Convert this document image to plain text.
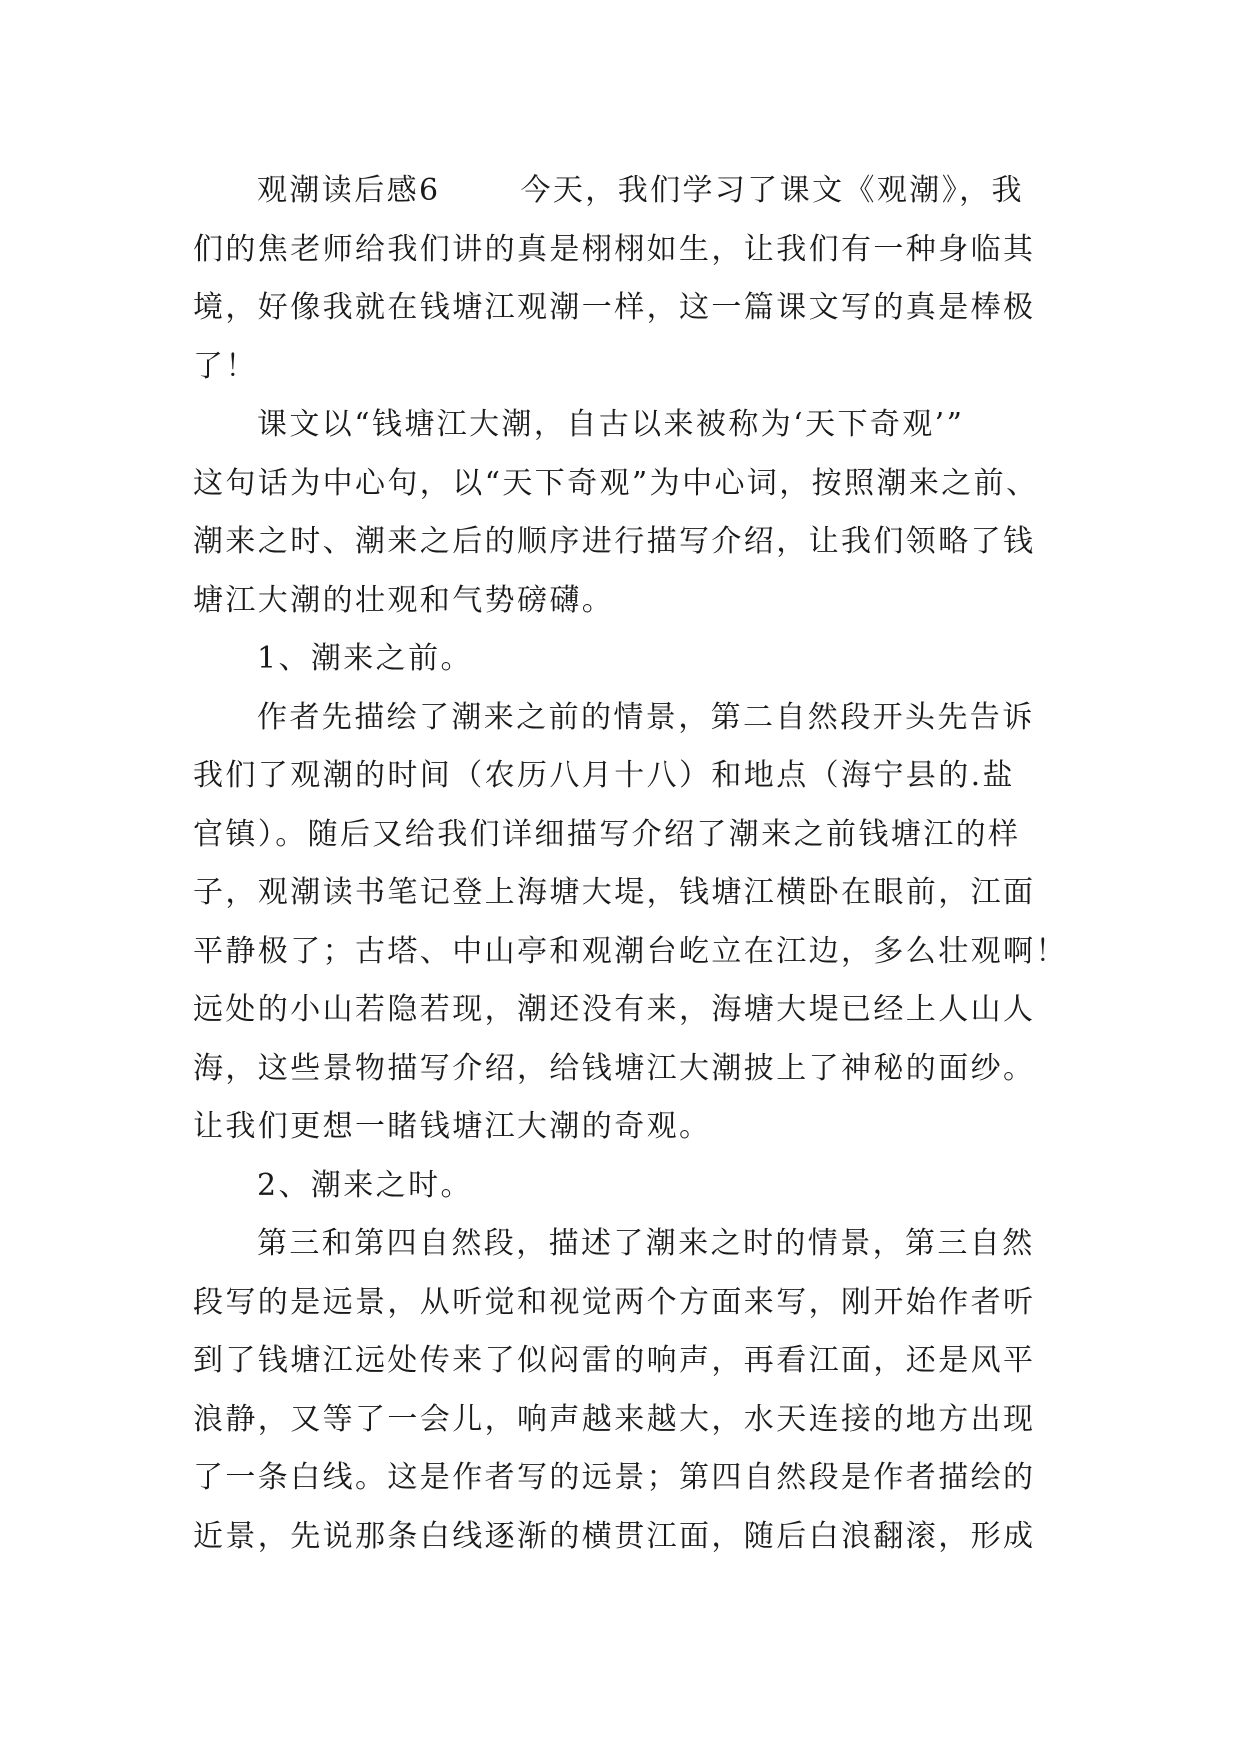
观潮读后感6	今天，我们学习了课文《观潮》，我
们的焦老师给我们讲的真是栩栩如生，让我们有一种身临其
境，好像我就在钱塘江观潮一样，这一篇课文写的真是棒极
了！
课文以“钱塘江大潮，自古以来被称为‘天下奇观’”
这句话为中心句，以“天下奇观”为中心词，按照潮来之前、
潮来之时、潮来之后的顺序进行描写介绍，让我们领略了钱
塘江大潮的壮观和气势磅礴。
1、潮来之前。
作者先描绘了潮来之前的情景，第二自然段开头先告诉
我们了观潮的时间（农历八月十八）和地点（海宁县的.盐
官镇）。随后又给我们详细描写介绍了潮来之前钱塘江的样
子，观潮读书笔记登上海塘大堤，钱塘江横卧在眼前，江面
平静极了；古塔、中山亭和观潮台屹立在江边，多么壮观啊！
远处的小山若隐若现，潮还没有来，海塘大堤已经上人山人
海，这些景物描写介绍，给钱塘江大潮披上了神秘的面纱。
让我们更想一睹钱塘江大潮的奇观。
2、潮来之时。
第三和第四自然段，描述了潮来之时的情景，第三自然
段写的是远景，从听觉和视觉两个方面来写，刚开始作者听
到了钱塘江远处传来了似闷雷的响声，再看江面，还是风平
浪静，又等了一会儿，响声越来越大，水天连接的地方出现
了一条白线。这是作者写的远景；第四自然段是作者描绘的
近景，先说那条白线逐渐的横贯江面，随后白浪翻滚，形成
